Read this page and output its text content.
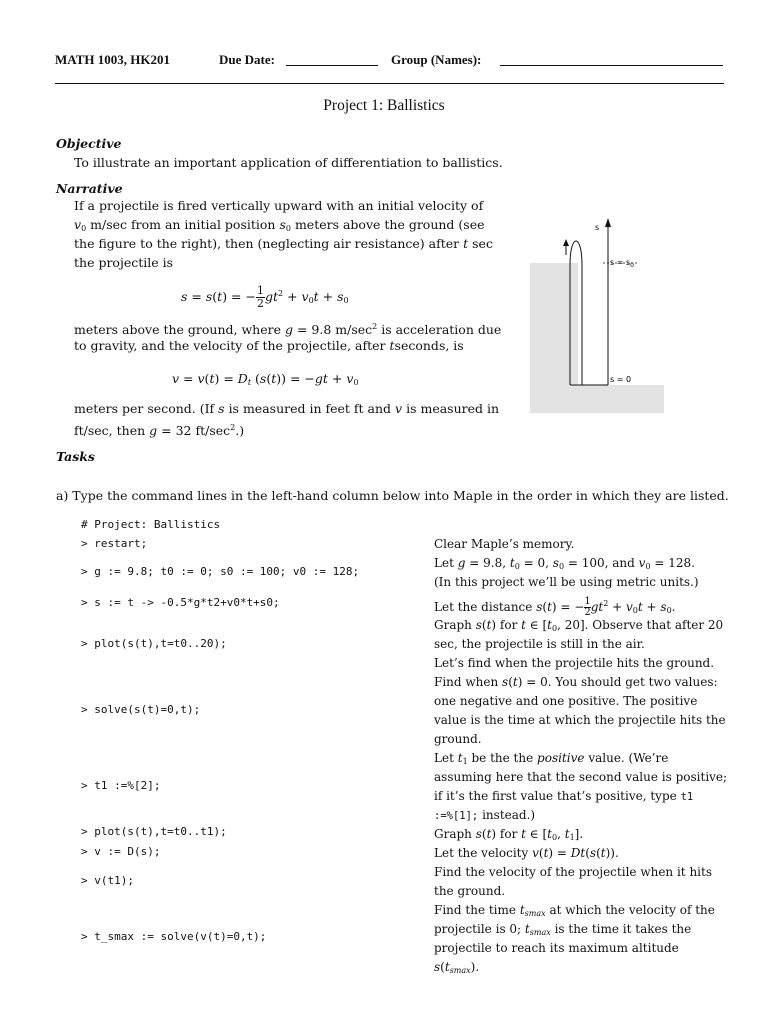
MATH 1003, HK201	Due Date:	Group (Names):
Project 1: Ballistics
Objective
To illustrate an important application of differentiation to ballistics.
Narrative
If a projectile is fired vertically upward with an initial velocity of
$v_0$ m/sec from an initial position $s_0$ meters above the ground (see
the figure to the right), then (neglecting air resistance) after t sec
the projectile is
s = s(t) = − $\frac{1}{2} gt^2 + v_0t + s_0$
meters above the ground, where g = 9.8 $m/\sec^2$ is acceleration due
to gravity, and the velocity of the projectile, after tseconds, is
$v = v(t) = D_t$ $(s(t)) = -gt + v_0$
meters per second. (If s is measured in feet ft and v is measured in
ft/sec, then g = 32 $ft/\sec^2$.)
s
$s = s_0$
s = 0
Tasks
a) Type the command lines in the left-hand column below into Maple in the order in which they are listed.
# Project: Ballistics
> restart;
> g := 9.8; t0 := 0; s0 := 100; v0 := 128;
> s := t -> -0.5*g*t2+v0*t+s0;
> plot(s(t),t=t0..20);
> solve(s(t)=0,t);
> t1 :=%[2];
> plot(s(t),t=t0..t1);
> v := D(s);
> v(t1);
> t_smax := solve(v(t)=0,t);
Clear Maple’s memory.
Let g = 9.8, $t_0 = 0$, $s_0 = 100$, and $v_0 = 128$.
(In this project we’ll be using metric units.)
Let the distance s(t) = − $\frac{1}{2} gt^2 + v_0t + s_0$.
Graph s(t) for t ∈ [$t_0$, 20]. Observe that after 20
sec, the projectile is still in the air.
Let’s find when the projectile hits the ground.
Find when s(t) = 0. You should get two values:
one negative and one positive. The positive
value is the time at which the projectile hits the
ground.
Let $t_1$ be the the positive value. (We’re
assuming here that the second value is positive;
if it’s the first value that’s positive, type t1
:=%[1]; instead.)
Graph s(t) for t ∈ [$t_0$, $t_1$].
Let the velocity v(t) = Dt(s(t)).
Find the velocity of the projectile when it hits
the ground.
Find the time $t_{smax}$ at which the velocity of the
projectile is 0; $t_{smax}$ is the time it takes the
projectile to reach its maximum altitude
$s(t_{smax})$.
